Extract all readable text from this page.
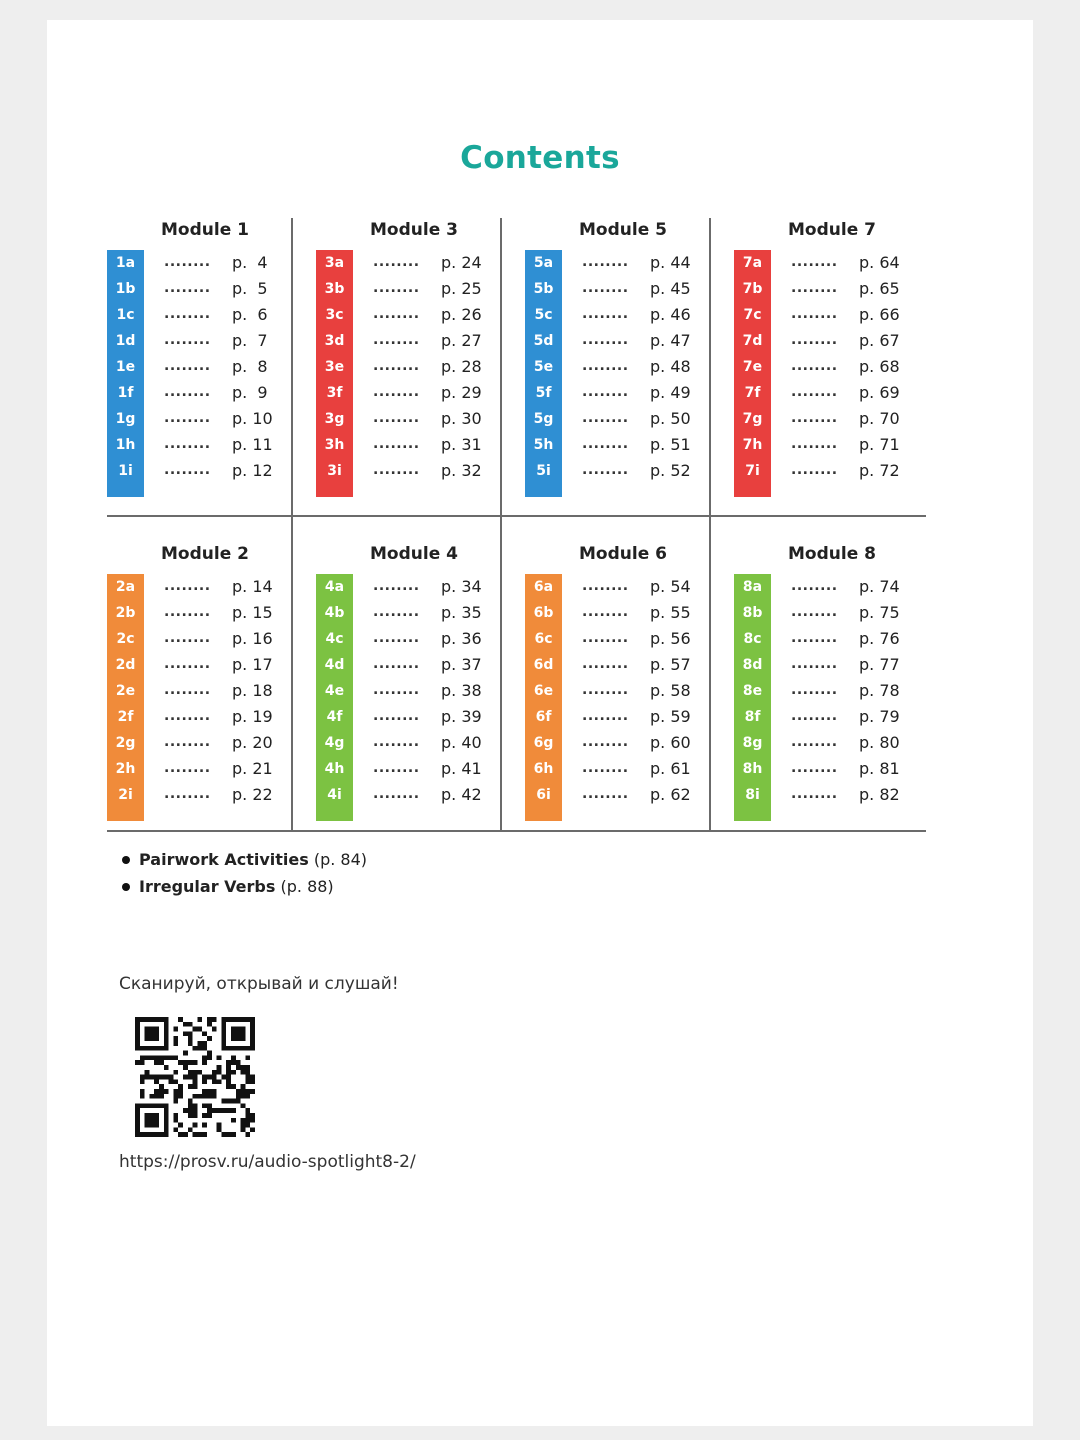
Contents
Module 1
1a	........ p.  4
1b	........ p.  5
1c	........ p.  6
1d	........ p.  7
1e	........ p.  8
1f	........ p.  9
1g	........ p. 10
1h	........ p. 11
1i	........ p. 12
Module 3
3a	........ p. 24
3b	........ p. 25
3c	........ p. 26
3d	........ p. 27
3e	........ p. 28
3f	........ p. 29
3g	........ p. 30
3h	........ p. 31
3i	........ p. 32
Module 5
5a	........ p. 44
5b	........ p. 45
5c	........ p. 46
5d	........ p. 47
5e	........ p. 48
5f	........ p. 49
5g	........ p. 50
5h	........ p. 51
5i	........ p. 52
Module 7
7a	........ p. 64
7b	........ p. 65
7c	........ p. 66
7d	........ p. 67
7e	........ p. 68
7f	........ p. 69
7g	........ p. 70
7h	........ p. 71
7i	........ p. 72
Module 2
2a	........ p. 14
2b	........ p. 15
2c	........ p. 16
2d	........ p. 17
2e	........ p. 18
2f	........ p. 19
2g	........ p. 20
2h	........ p. 21
2i	........ p. 22
Module 4
4a	........ p. 34
4b	........ p. 35
4c	........ p. 36
4d	........ p. 37
4e	........ p. 38
4f	........ p. 39
4g	........ p. 40
4h	........ p. 41
4i	........ p. 42
Module 6
6a	........ p. 54
6b	........ p. 55
6c	........ p. 56
6d	........ p. 57
6e	........ p. 58
6f	........ p. 59
6g	........ p. 60
6h	........ p. 61
6i	........ p. 62
Module 8
8a	........ p. 74
8b	........ p. 75
8c	........ p. 76
8d	........ p. 77
8e	........ p. 78
8f	........ p. 79
8g	........ p. 80
8h	........ p. 81
8i	........ p. 82
Pairwork Activities (p. 84)
Irregular Verbs (p. 88)
Сканируй, открывай и слушай!
https://prosv.ru/audio-spotlight8-2/
